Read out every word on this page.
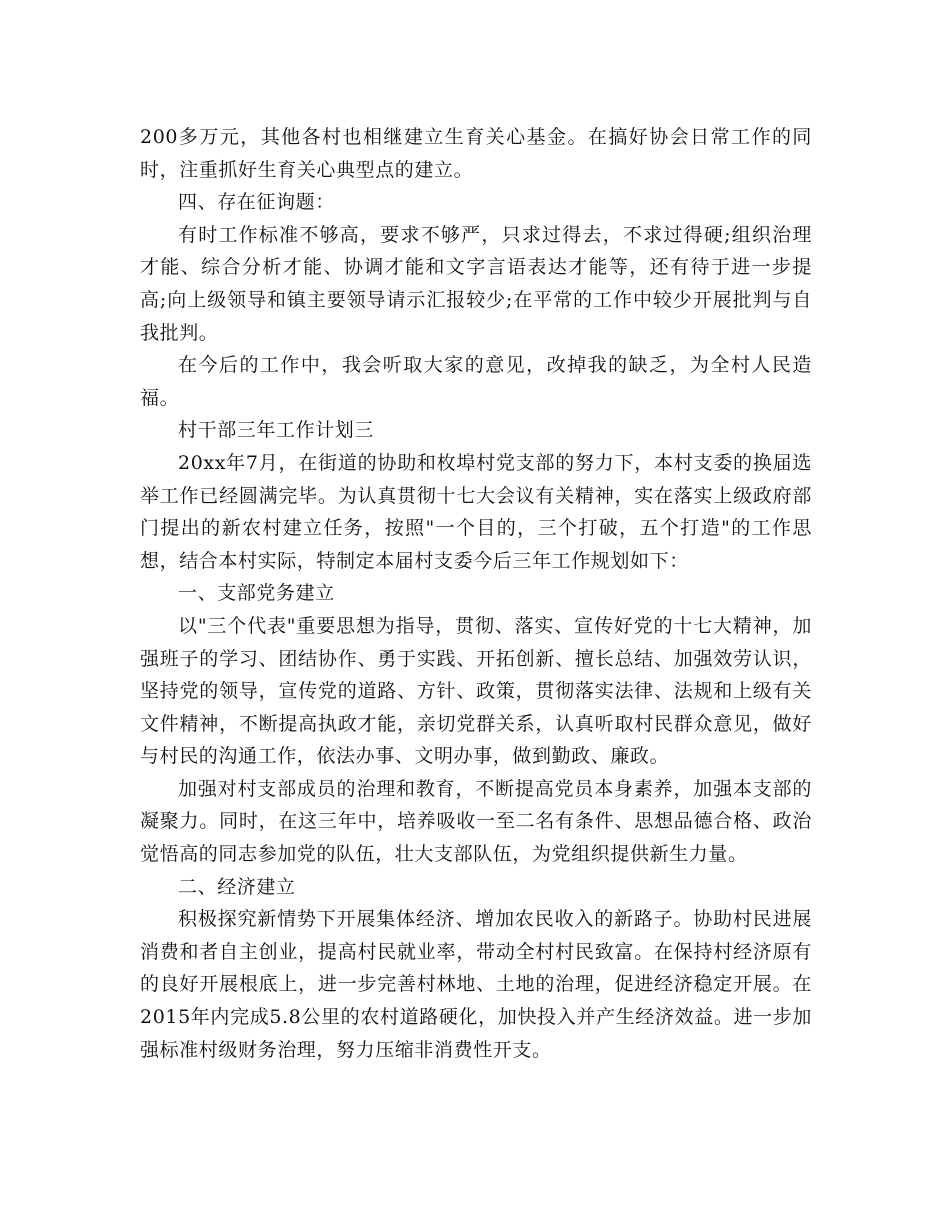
200多万元，其他各村也相继建立生育关心基金。在搞好协会日常工作的同时，注重抓好生育关心典型点的建立。

四、存在征询题：

有时工作标准不够高，要求不够严，只求过得去，不求过得硬;组织治理才能、综合分析才能、协调才能和文字言语表达才能等，还有待于进一步提高;向上级领导和镇主要领导请示汇报较少;在平常的工作中较少开展批判与自我批判。

在今后的工作中，我会听取大家的意见，改掉我的缺乏，为全村人民造福。

村干部三年工作计划三

20xx年7月，在街道的协助和枚埠村党支部的努力下，本村支委的换届选举工作已经圆满完毕。为认真贯彻十七大会议有关精神，实在落实上级政府部门提出的新农村建立任务，按照"一个目的，三个打破，五个打造"的工作思想，结合本村实际，特制定本届村支委今后三年工作规划如下：

一、支部党务建立

以"三个代表"重要思想为指导，贯彻、落实、宣传好党的十七大精神，加强班子的学习、团结协作、勇于实践、开拓创新、擅长总结、加强效劳认识，坚持党的领导，宣传党的道路、方针、政策，贯彻落实法律、法规和上级有关文件精神，不断提高执政才能，亲切党群关系，认真听取村民群众意见，做好与村民的沟通工作，依法办事、文明办事，做到勤政、廉政。

加强对村支部成员的治理和教育，不断提高党员本身素养，加强本支部的凝聚力。同时，在这三年中，培养吸收一至二名有条件、思想品德合格、政治觉悟高的同志参加党的队伍，壮大支部队伍，为党组织提供新生力量。

二、经济建立

积极探究新情势下开展集体经济、增加农民收入的新路子。协助村民进展消费和者自主创业，提高村民就业率，带动全村村民致富。在保持村经济原有的良好开展根底上，进一步完善村林地、土地的治理，促进经济稳定开展。在2015年内完成5.8公里的农村道路硬化，加快投入并产生经济效益。进一步加强标准村级财务治理，努力压缩非消费性开支。
